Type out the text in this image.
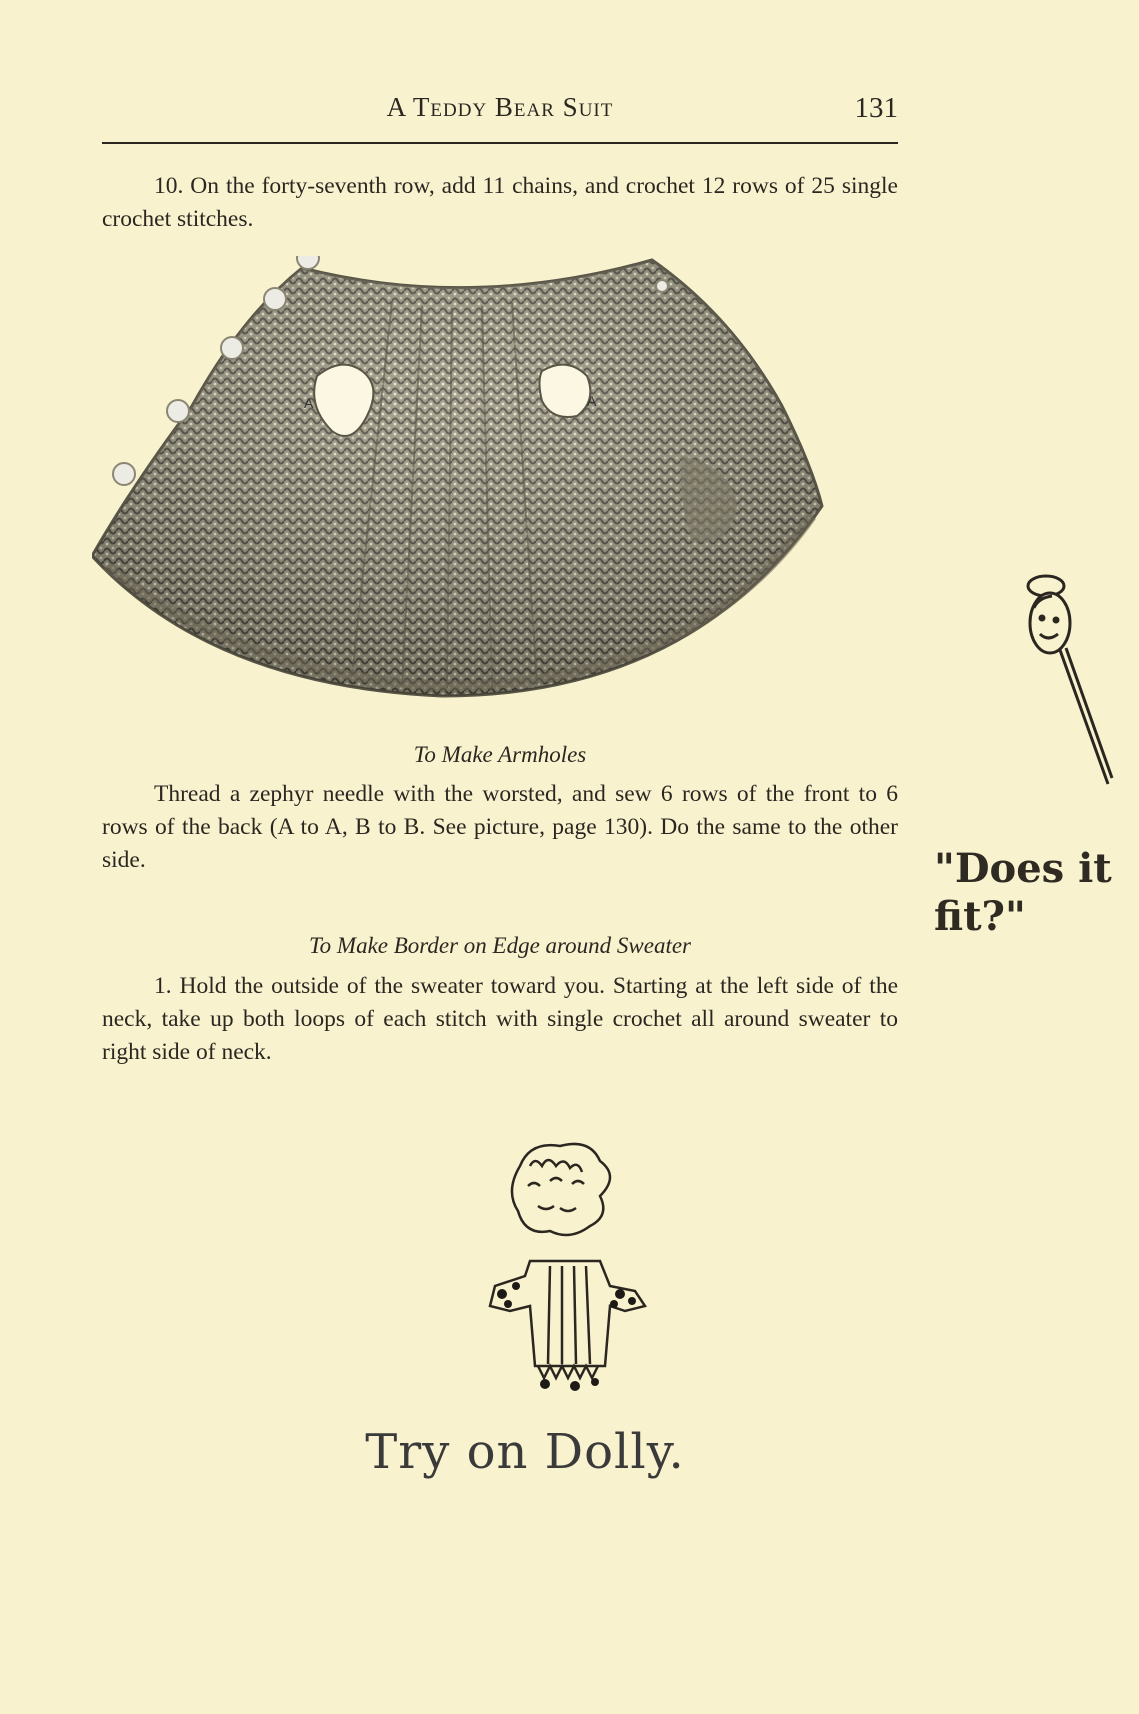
A Teddy Bear Suit	131
10. On the forty-seventh row, add 11 chains, and crochet 12 rows of 25 single crochet stitches.
A	A
To Make Armholes
Thread a zephyr needle with the worsted, and sew 6 rows of the front to 6 rows of the back (A to A, B to B. See picture, page 130). Do the same to the other side.
To Make Border on Edge around Sweater
1. Hold the outside of the sweater toward you. Starting at the left side of the neck, take up both loops of each stitch with single crochet all around sweater to right side of neck.
"Does it
fit?"
Try on Dolly.
